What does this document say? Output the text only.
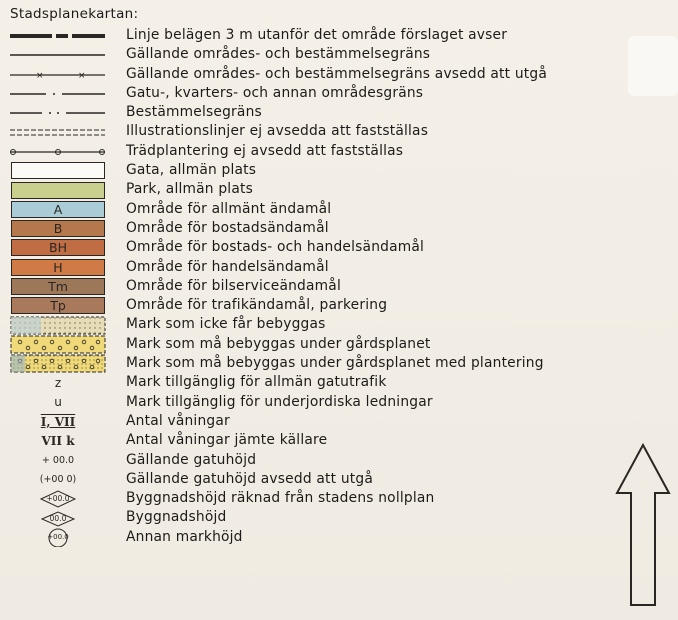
Stadsplanekartan:
Linje belägen 3 m utanför det område förslaget avser
Gällande områdes- och bestämmelsegräns
×	×	Gällande områdes- och bestämmelsegräns avsedd att utgå
Gatu-, kvarters- och annan områdesgräns
Bestämmelsegräns
Illustrationslinjer ej avsedda att fastställas
Trädplantering ej avsedd att fastställas
Gata, allmän plats
Park, allmän plats
A	Område för allmänt ändamål
B	Område för bostadsändamål
BH	Område för bostads- och handelsändamål
H	Område för handelsändamål
Tm	Område för bilserviceändamål
Tp	Område för trafikändamål, parkering
Mark som icke får bebyggas
Mark som må bebyggas under gårdsplanet
Mark som må bebyggas under gårdsplanet med plantering
z	Mark tillgänglig för allmän gatutrafik
u	Mark tillgänglig för underjordiska ledningar
I, VII	Antal våningar
VII k	Antal våningar jämte källare
+ 00.0	Gällande gatuhöjd
(+00 0)	Gällande gatuhöjd avsedd att utgå
+00.0	Byggnadshöjd räknad från stadens nollplan
00.0	Byggnadshöjd
+00.0	Annan markhöjd
